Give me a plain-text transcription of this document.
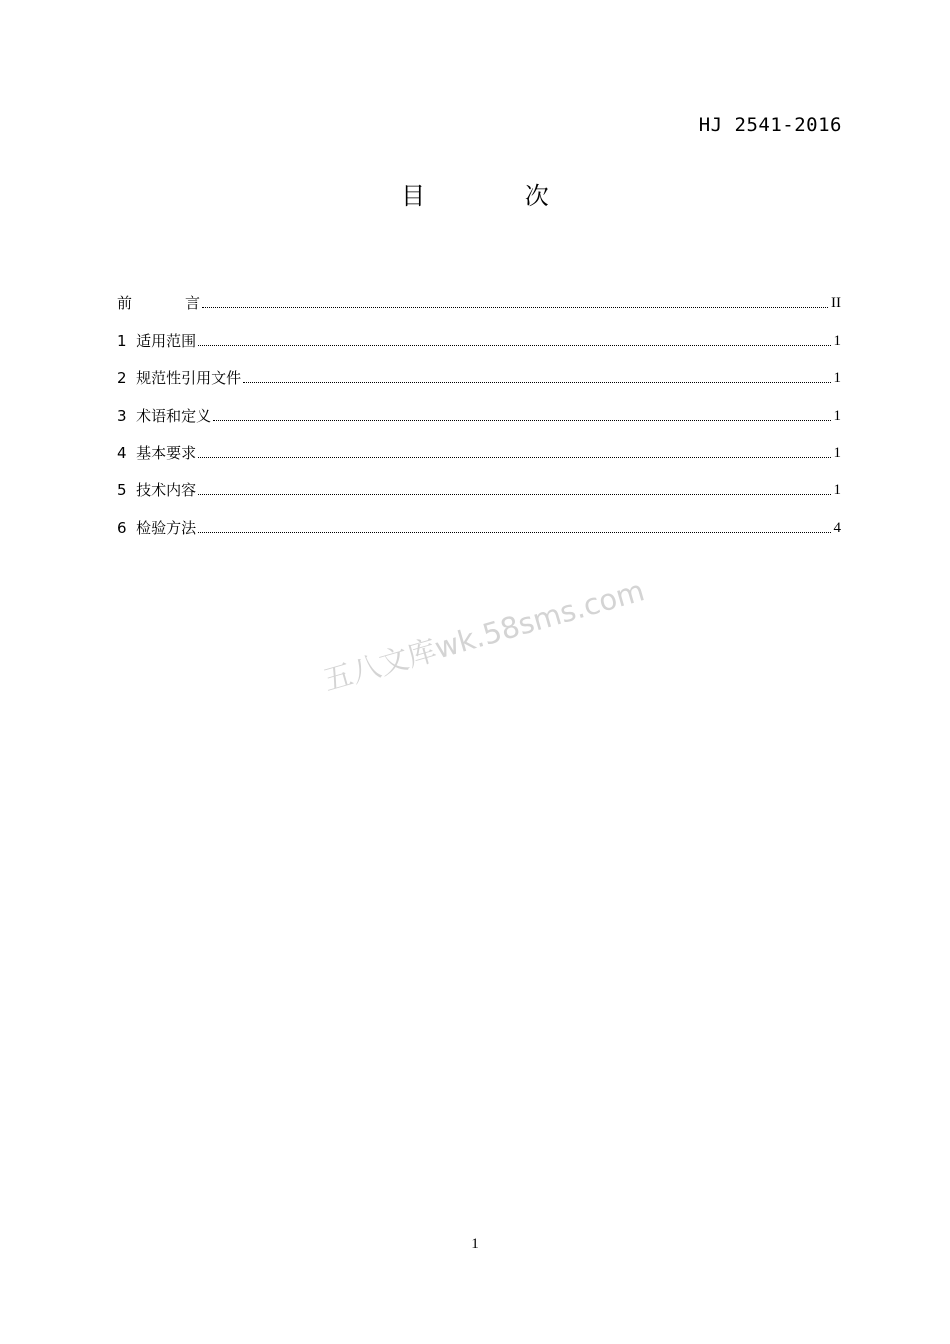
HJ 2541-2016
目 次
前	言	II
1 适用范围	1
2 规范性引用文件	1
3 术语和定义	1
4 基本要求	1
5 技术内容	1
6 检验方法	4
五八文库wk.58sms.com
1
